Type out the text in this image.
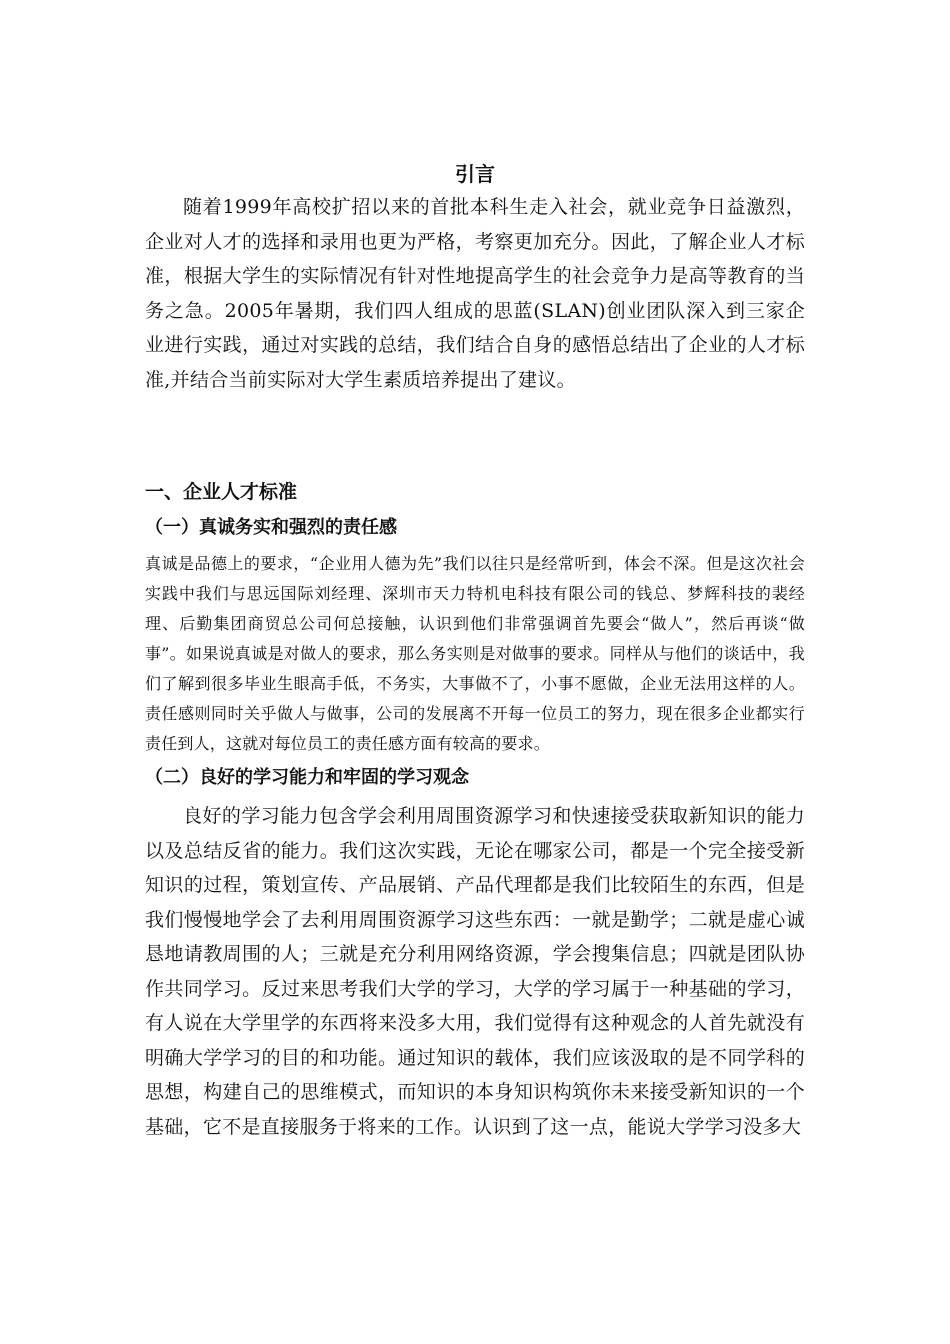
引言

随着1999年高校扩招以来的首批本科生走入社会，就业竞争日益激烈，企业对人才的选择和录用也更为严格，考察更加充分。因此，了解企业人才标准，根据大学生的实际情况有针对性地提高学生的社会竞争力是高等教育的当务之急。2005年暑期，我们四人组成的思蓝(SLAN)创业团队深入到三家企业进行实践，通过对实践的总结，我们结合自身的感悟总结出了企业的人才标准,并结合当前实际对大学生素质培养提出了建议。

一、企业人才标准
（一）真诚务实和强烈的责任感

真诚是品德上的要求，“企业用人德为先”我们以往只是经常听到，体会不深。但是这次社会实践中我们与思远国际刘经理、深圳市天力特机电科技有限公司的钱总、梦辉科技的裴经理、后勤集团商贸总公司何总接触，认识到他们非常强调首先要会“做人”，然后再谈“做事”。如果说真诚是对做人的要求，那么务实则是对做事的要求。同样从与他们的谈话中，我们了解到很多毕业生眼高手低，不务实，大事做不了，小事不愿做，企业无法用这样的人。责任感则同时关乎做人与做事，公司的发展离不开每一位员工的努力，现在很多企业都实行责任到人，这就对每位员工的责任感方面有较高的要求。

（二）良好的学习能力和牢固的学习观念

良好的学习能力包含学会利用周围资源学习和快速接受获取新知识的能力以及总结反省的能力。我们这次实践，无论在哪家公司，都是一个完全接受新知识的过程，策划宣传、产品展销、产品代理都是我们比较陌生的东西，但是我们慢慢地学会了去利用周围资源学习这些东西：一就是勤学；二就是虚心诚恳地请教周围的人；三就是充分利用网络资源，学会搜集信息；四就是团队协作共同学习。反过来思考我们大学的学习，大学的学习属于一种基础的学习，有人说在大学里学的东西将来没多大用，我们觉得有这种观念的人首先就没有明确大学学习的目的和功能。通过知识的载体，我们应该汲取的是不同学科的思想，构建自己的思维模式，而知识的本身知识构筑你未来接受新知识的一个基础，它不是直接服务于将来的工作。认识到了这一点，能说大学学习没多大
